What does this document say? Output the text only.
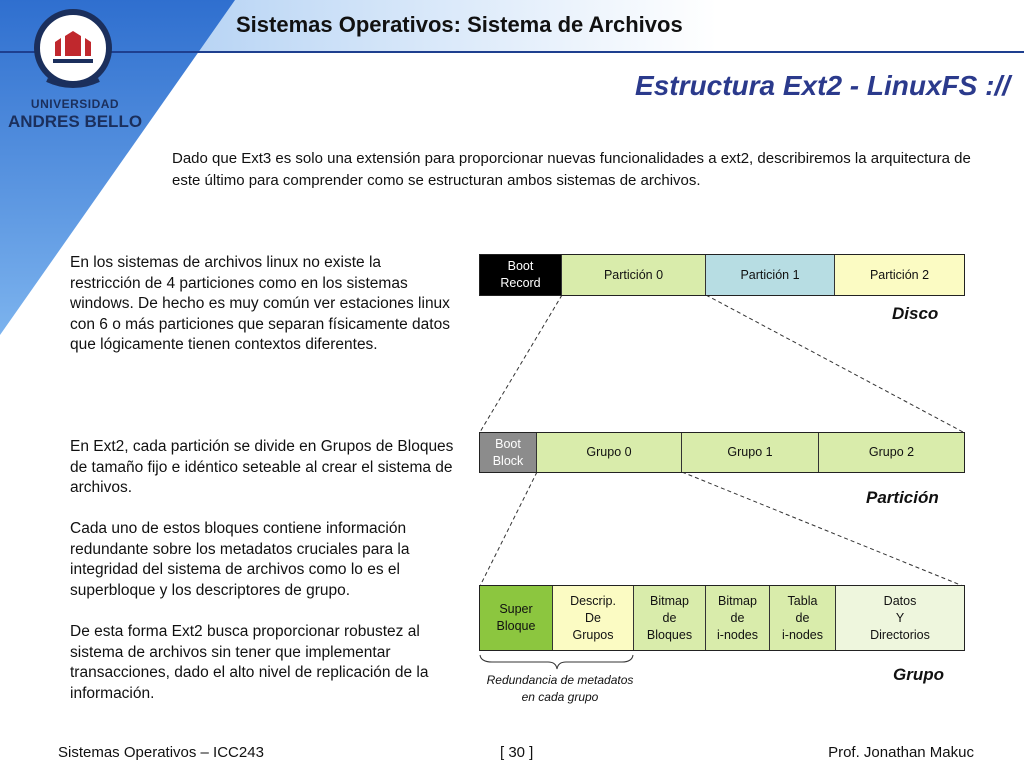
Sistemas Operativos: Sistema de Archivos
UNIVERSIDAD
ANDRES BELLO
Estructura Ext2 - LinuxFS ://
Dado que Ext3 es solo una extensión para proporcionar nuevas funcionalidades a ext2, describiremos la arquitectura de este último para comprender como se estructuran ambos sistemas de archivos.
En los sistemas de archivos linux no existe la restricción de 4 particiones como en los sistemas windows. De hecho es muy común ver estaciones linux con 6 o más particiones que separan físicamente datos que lógicamente tienen contextos diferentes.
En Ext2, cada partición se divide en Grupos de Bloques de tamaño fijo e idéntico seteable al crear el sistema de archivos.
Cada uno de estos bloques contiene información redundante sobre los metadatos cruciales para la integridad del sistema de archivos como lo es el superbloque y los descriptores de grupo.
De esta forma Ext2 busca proporcionar robustez al sistema de archivos sin tener que implementar transacciones, dado el alto nivel de replicación de la información.
Boot
Record
Partición 0	Partición 1	Partición 2
Disco
Boot
Block
Grupo 0	Grupo 1	Grupo 2
Partición
Super
Bloque
Descrip.
De
Grupos
Bitmap
de
Bloques
Bitmap
de
i-nodes
Tabla
de
i-nodes
Datos
Y
Directorios
Grupo
Redundancia de metadatos
en cada grupo
Sistemas Operativos – ICC243	[ 30 ]	Prof. Jonathan Makuc
